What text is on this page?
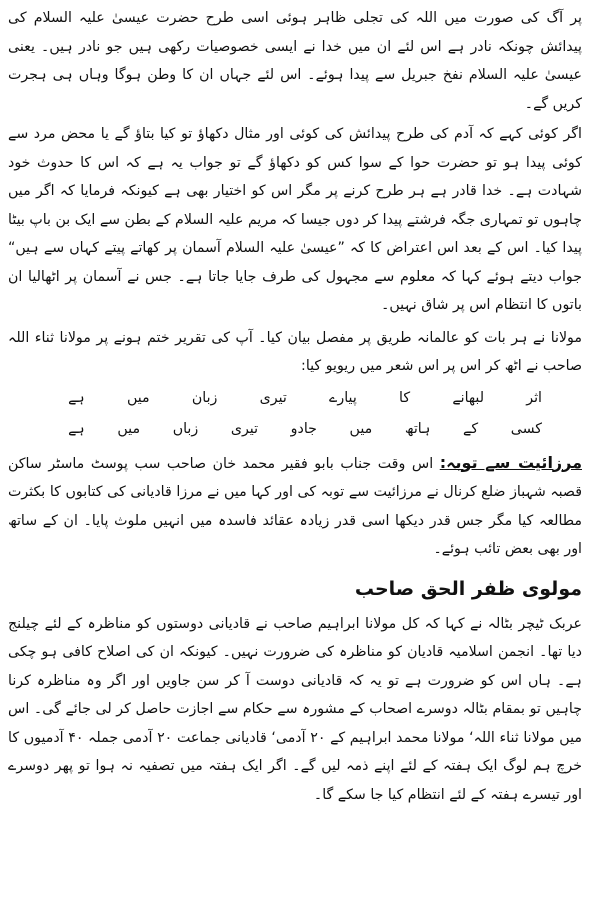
پر آگ کی صورت میں اللہ کی تجلی ظاہر ہوئی اسی طرح حضرت عیسیٰ علیہ السلام کی پیدائش چونکہ نادر ہے اس لئے ان میں خدا نے ایسی خصوصیات رکھی ہیں جو نادر ہیں۔ یعنی عیسیٰ علیہ السلام نفخ جبریل سے پیدا ہوئے۔ اس لئے جہاں ان کا وطن ہوگا وہاں ہی ہجرت کریں گے۔

اگر کوئی کہے کہ آدم کی طرح پیدائش کی کوئی اور مثال دکھاؤ تو کیا بتاؤ گے یا محض مرد سے کوئی پیدا ہو تو حضرت حوا کے سوا کس کو دکھاؤ گے تو جواب یہ ہے کہ اس کا حدوث خود شہادت ہے۔ خدا قادر ہے ہر طرح کرنے پر مگر اس کو اختیار بھی ہے کیونکہ فرمایا کہ اگر میں چاہوں تو تمہاری جگہ فرشتے پیدا کر دوں جیسا کہ مریم علیہ السلام کے بطن سے ایک بن باپ بیٹا پیدا کیا۔ اس کے بعد اس اعتراض کا کہ ”عیسیٰ علیہ السلام آسمان پر کھاتے پیتے کہاں سے ہیں“ جواب دیتے ہوئے کہا کہ معلوم سے مجہول کی طرف جایا جاتا ہے۔ جس نے آسمان پر اٹھالیا ان باتوں کا انتظام اس پر شاق نہیں۔

مولانا نے ہر بات کو عالمانہ طریق پر مفصل بیان کیا۔ آپ کی تقریر ختم ہونے پر مولانا ثناء اللہ صاحب نے اٹھ کر اس پر اس شعر میں ریویو کیا:

اثر
لبھانے
کا
پیارے
تیری
زبان
میں
ہے
کسی
کے
ہاتھ
میں
جادو
تیری
زباں
میں
ہے

مرزائیت سے توبہ: اس وقت جناب بابو فقیر محمد خان صاحب سب پوسٹ ماسٹر ساکن قصبہ شہباز ضلع کرنال نے مرزائیت سے توبہ کی اور کہا میں نے مرزا قادیانی کی کتابوں کا بکثرت مطالعہ کیا مگر جس قدر دیکھا اسی قدر زیادہ عقائد فاسدہ میں انہیں ملوث پایا۔ ان کے ساتھ اور بھی بعض تائب ہوئے۔

مولوی ظفر الحق صاحب

عربک ٹیچر بٹالہ نے کہا کہ کل مولانا ابراہیم صاحب نے قادیانی دوستوں کو مناظرہ کے لئے چیلنج دیا تھا۔ انجمن اسلامیہ قادیان کو مناظرہ کی ضرورت نہیں۔ کیونکہ ان کی اصلاح کافی ہو چکی ہے۔ ہاں اس کو ضرورت ہے تو یہ کہ قادیانی دوست آ کر سن جاویں اور اگر وہ مناظرہ کرنا چاہیں تو بمقام بٹالہ دوسرے اصحاب کے مشورہ سے حکام سے اجازت حاصل کر لی جائے گی۔ اس میں مولانا ثناء اللہ‘ مولانا محمد ابراہیم کے ۲۰ آدمی‘ قادیانی جماعت ۲۰ آدمی جملہ ۴۰ آدمیوں کا خرچ ہم لوگ ایک ہفتہ کے لئے اپنے ذمہ لیں گے۔ اگر ایک ہفتہ میں تصفیہ نہ ہوا تو پھر دوسرے اور تیسرے ہفتہ کے لئے انتظام کیا جا سکے گا۔
